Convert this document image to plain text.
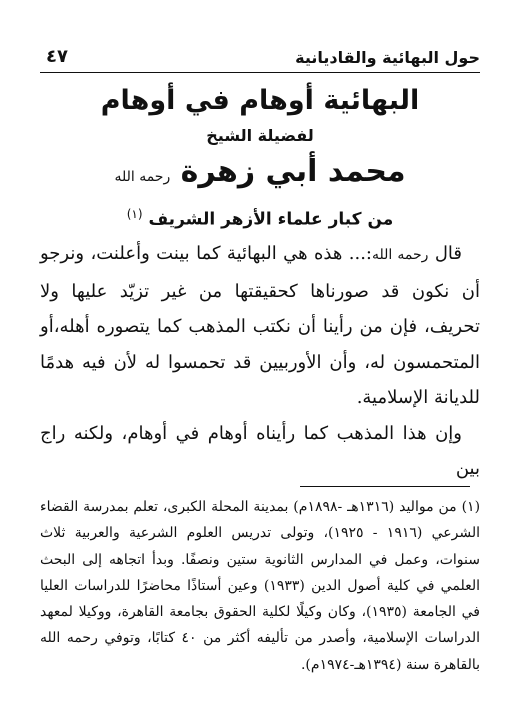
حول البهائية والقاديانية
٤٧
البهائية أوهام في أوهام
لفضيلة الشيخ
محمد أبي زهرة رحمه الله
من كبار علماء الأزهر الشريف $^{(١)}$

قال رحمه الله:... هذه هي البهائية كما بينت وأعلنت، ونرجو أن نكون قد صورناها كحقيقتها من غير تزيّد عليها ولا تحريف، فإن من رأينا أن نكتب المذهب كما يتصوره أهله،أو المتحمسون له، وأن الأوربيين قد تحمسوا له لأن فيه هدمًا للديانة الإسلامية.

وإن هذا المذهب كما رأيناه أوهام في أوهام، ولكنه راج بين

(١) من مواليد (١٣١٦هـ -١٨٩٨م) بمدينة المحلة الكبرى، تعلم بمدرسة القضاء الشرعي (١٩١٦ - ١٩٢٥)، وتولى تدريس العلوم الشرعية والعربية ثلاث سنوات، وعمل في المدارس الثانوية ستين ونصفًا. وبدأ اتجاهه إلى البحث العلمي في كلية أصول الدين (١٩٣٣) وعين أستاذًا محاضرًا للدراسات العليا في الجامعة (١٩٣٥)، وكان وكيلًا لكلية الحقوق بجامعة القاهرة، ووكيلا لمعهد الدراسات الإسلامية، وأصدر من تأليفه أكثر من ٤٠ كتابًا، وتوفي رحمه الله بالقاهرة سنة (١٣٩٤هـ-١٩٧٤م).
